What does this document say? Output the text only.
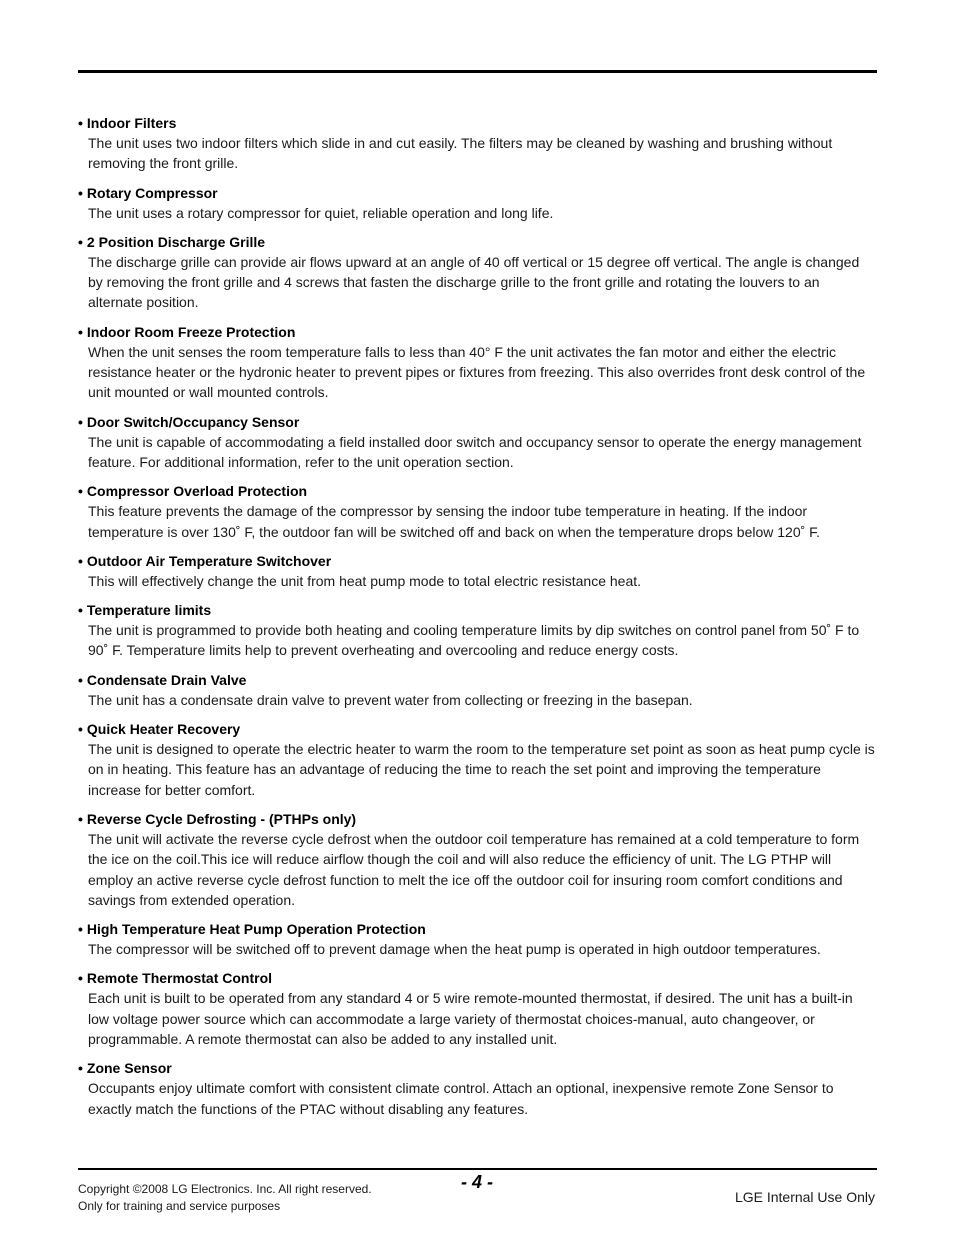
• Indoor Filters
The unit uses two indoor filters which slide in and cut easily. The filters may be cleaned by washing and brushing without removing the front grille.
• Rotary Compressor
The unit uses a rotary compressor for quiet, reliable operation and long life.
• 2 Position Discharge Grille
The discharge grille can provide air flows upward at an angle of 40 off vertical or 15 degree off vertical. The angle is changed by removing the front grille and 4 screws that fasten the discharge grille to the front grille and rotating the louvers to an alternate position.
• Indoor Room Freeze Protection
When the unit senses the room temperature falls to less than 40° F the unit activates the fan motor and either the electric resistance heater or the hydronic heater to prevent pipes or fixtures from freezing. This also overrides front desk control of the unit mounted or wall mounted controls.
• Door Switch/Occupancy Sensor
The unit is capable of accommodating a field installed door switch and occupancy sensor to operate the energy management feature. For additional information, refer to the unit operation section.
• Compressor Overload Protection
This feature prevents the damage of the compressor by sensing the indoor tube temperature in heating. If the indoor temperature is over 130˚ F, the outdoor fan will be switched off and back on when the temperature drops below 120˚ F.
• Outdoor Air Temperature Switchover
This will effectively change the unit from heat pump mode to total electric resistance heat.
• Temperature limits
The unit is programmed to provide both heating and cooling temperature limits by dip switches on control panel from 50˚ F to 90˚ F. Temperature limits help to prevent overheating and overcooling and reduce energy costs.
• Condensate Drain Valve
The unit has a condensate drain valve to prevent water from collecting or freezing in the basepan.
• Quick Heater Recovery
The unit is designed to operate the electric heater to warm the room to the temperature set point as soon as heat pump cycle is on in heating. This feature has an advantage of reducing the time to reach the set point and improving the temperature increase for better comfort.
• Reverse Cycle Defrosting - (PTHPs only)
The unit will activate the reverse cycle defrost when the outdoor coil temperature has remained at a cold temperature to form the ice on the coil.This ice will reduce airflow though the coil and will also reduce the efficiency of unit. The LG PTHP will employ an active reverse cycle defrost function to melt the ice off the outdoor coil for insuring room comfort conditions and savings from extended operation.
• High Temperature Heat Pump Operation Protection
The compressor will be switched off to prevent damage when the heat pump is operated in high outdoor temperatures.
• Remote Thermostat Control
Each unit is built to be operated from any standard 4 or 5 wire remote-mounted thermostat, if desired. The unit has a built-in low voltage power source which can accommodate a large variety of thermostat choices-manual, auto changeover, or programmable. A remote thermostat can also be added to any installed unit.
• Zone Sensor
Occupants enjoy ultimate comfort with consistent climate control. Attach an optional, inexpensive remote Zone Sensor to exactly match the functions of the PTAC without disabling any features.
Copyright ©2008 LG Electronics. Inc. All right reserved.
Only for training and service purposes
- 4 -
LGE Internal Use Only
